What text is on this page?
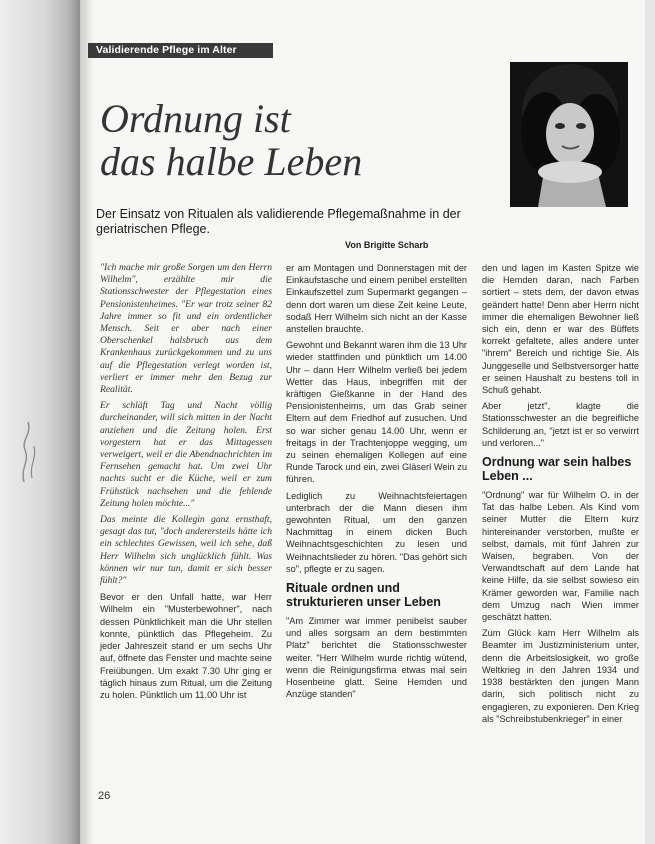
Validierende Pflege im Alter
Ordnung ist
das halbe Leben
Der Einsatz von Ritualen als validierende Pflegemaßnahme in der geriatrischen Pflege.
Von Brigitte Scharb

"Ich mache mir große Sorgen um den Herrn Wilhelm", erzählte mir die Stationsschwester der Pflegestation eines Pensionistenheimes. "Er war trotz seiner 82 Jahre immer so fit und ein ordentlicher Mensch. Seit er aber nach einer Oberschenkel halsbruch aus dem Krankenhaus zurückgekommen und zu uns auf die Pflegestation verlegt worden ist, verliert er immer mehr den Bezug zur Realität.

Er schläft Tag und Nacht völlig durcheinander, will sich mitten in der Nacht anziehen und die Zeitung holen. Erst vorgestern hat er das Mittagessen verweigert, weil er die Abendnachrichten im Fernsehen gemacht hat. Um zwei Uhr nachts sucht er die Küche, weil er zum Frühstück nachsehen und die fehlende Zeitung holen möchte..."

Das meinte die Kollegin ganz ernsthaft, gesagt das tut, "doch anderersteils hätte ich ein schlechtes Gewissen, weil ich sehe, daß Herr Wilhelm sich unglücklich fühlt. Was können wir nur tun, damit er sich besser fühlt?"

Bevor er den Unfall hatte, war Herr Wilhelm ein "Musterbewohner", nach dessen Pünktlichkeit man die Uhr stellen konnte, pünktlich das Pflegeheim. Zu jeder Jahreszeit stand er um sechs Uhr auf, öffnete das Fenster und machte seine Freiübungen. Um exakt 7.30 Uhr ging er täglich hinaus zum Ritual, um die Zeitung zu holen. Pünktlich um 11.00 Uhr ist

er am Montagen und Donnerstagen mit der Einkaufstasche und einem penibel erstellten Einkaufszettel zum Supermarkt gegangen – denn dort waren um diese Zeit keine Leute, sodaß Herr Wilhelm sich nicht an der Kasse anstellen brauchte.

Gewohnt und Bekannt waren ihm die 13 Uhr wieder stattfinden und pünktlich um 14.00 Uhr – dann Herr Wilhelm verließ bei jedem Wetter das Haus, inbegriffen mit der kräftigen Gießkanne in der Hand des Pensionistenheims, um das Grab seiner Eltern auf dem Friedhof auf zusuchen. Und so war sicher genau 14.00 Uhr, wenn er freitags in der Trachtenjoppe wegging, um zu seinen ehemaligen Kollegen auf eine Runde Tarock und ein, zwei Gläserl Wein zu führen.

Lediglich zu Weihnachtsfeiertagen unterbrach der die Mann diesen ihm gewohnten Ritual, um den ganzen Nachmittag in einem dicken Buch Weihnachtsgeschichten zu lesen und Weihnachtslieder zu hören. "Das gehört sich so", pflegte er zu sagen.

Rituale ordnen und strukturieren unser Leben

"Am Zimmer war immer penibelst sauber und alles sorgsam an dem bestimmten Platz" berichtet die Stationsschwester weiter. "Herr Wilhelm wurde richtig wütend, wenn die Reinigungsfirma etwas mal sein Hosenbeine glatt. Seine Hemden und Anzüge standen"

den und lagen im Kasten Spitze wie die Hemden daran, nach Farben sortiert – stets dem, der davon etwas geändert hatte! Denn aber Herrn nicht immer die ehemaligen Bewohner ließ sich ein, denn er war des Büffets korrekt gefaltete, alles andere unter "ihrem" Bereich und richtige Sie. Als Junggeselle und Selbstversorger hatte er seinen Haushalt zu bestens toll in Schuß gehabt.

Aber jetzt", klagte die Stationsschwester an die begreifliche Schilderung an, "jetzt ist er so verwirrt und verloren..."

Ordnung war sein halbes Leben ...

"Ordnung" war für Wilhelm O. in der Tat das halbe Leben. Als Kind vom seiner Mutter die Eltern kurz hintereinander verstorben, mußte er selbst, damals, mit fünf Jahren zur Waisen, begraben. Von der Verwandtschaft auf dem Lande hat keine Hilfe, da sie selbst sowieso ein Krämer geworden war, Familie nach dem Umzug nach Wien immer geschätzt hatten.

Zum Glück kam Herr Wilhelm als Beamter im Justizministerium unter, denn die Arbeitslosigkeit, wo große Weltkrieg in den Jahren 1934 und 1938 bestärkten den jungen Mann darin, sich politisch nicht zu engagieren, zu exponieren. Den Krieg als "Schreibstubenkrieger" in einer

26
